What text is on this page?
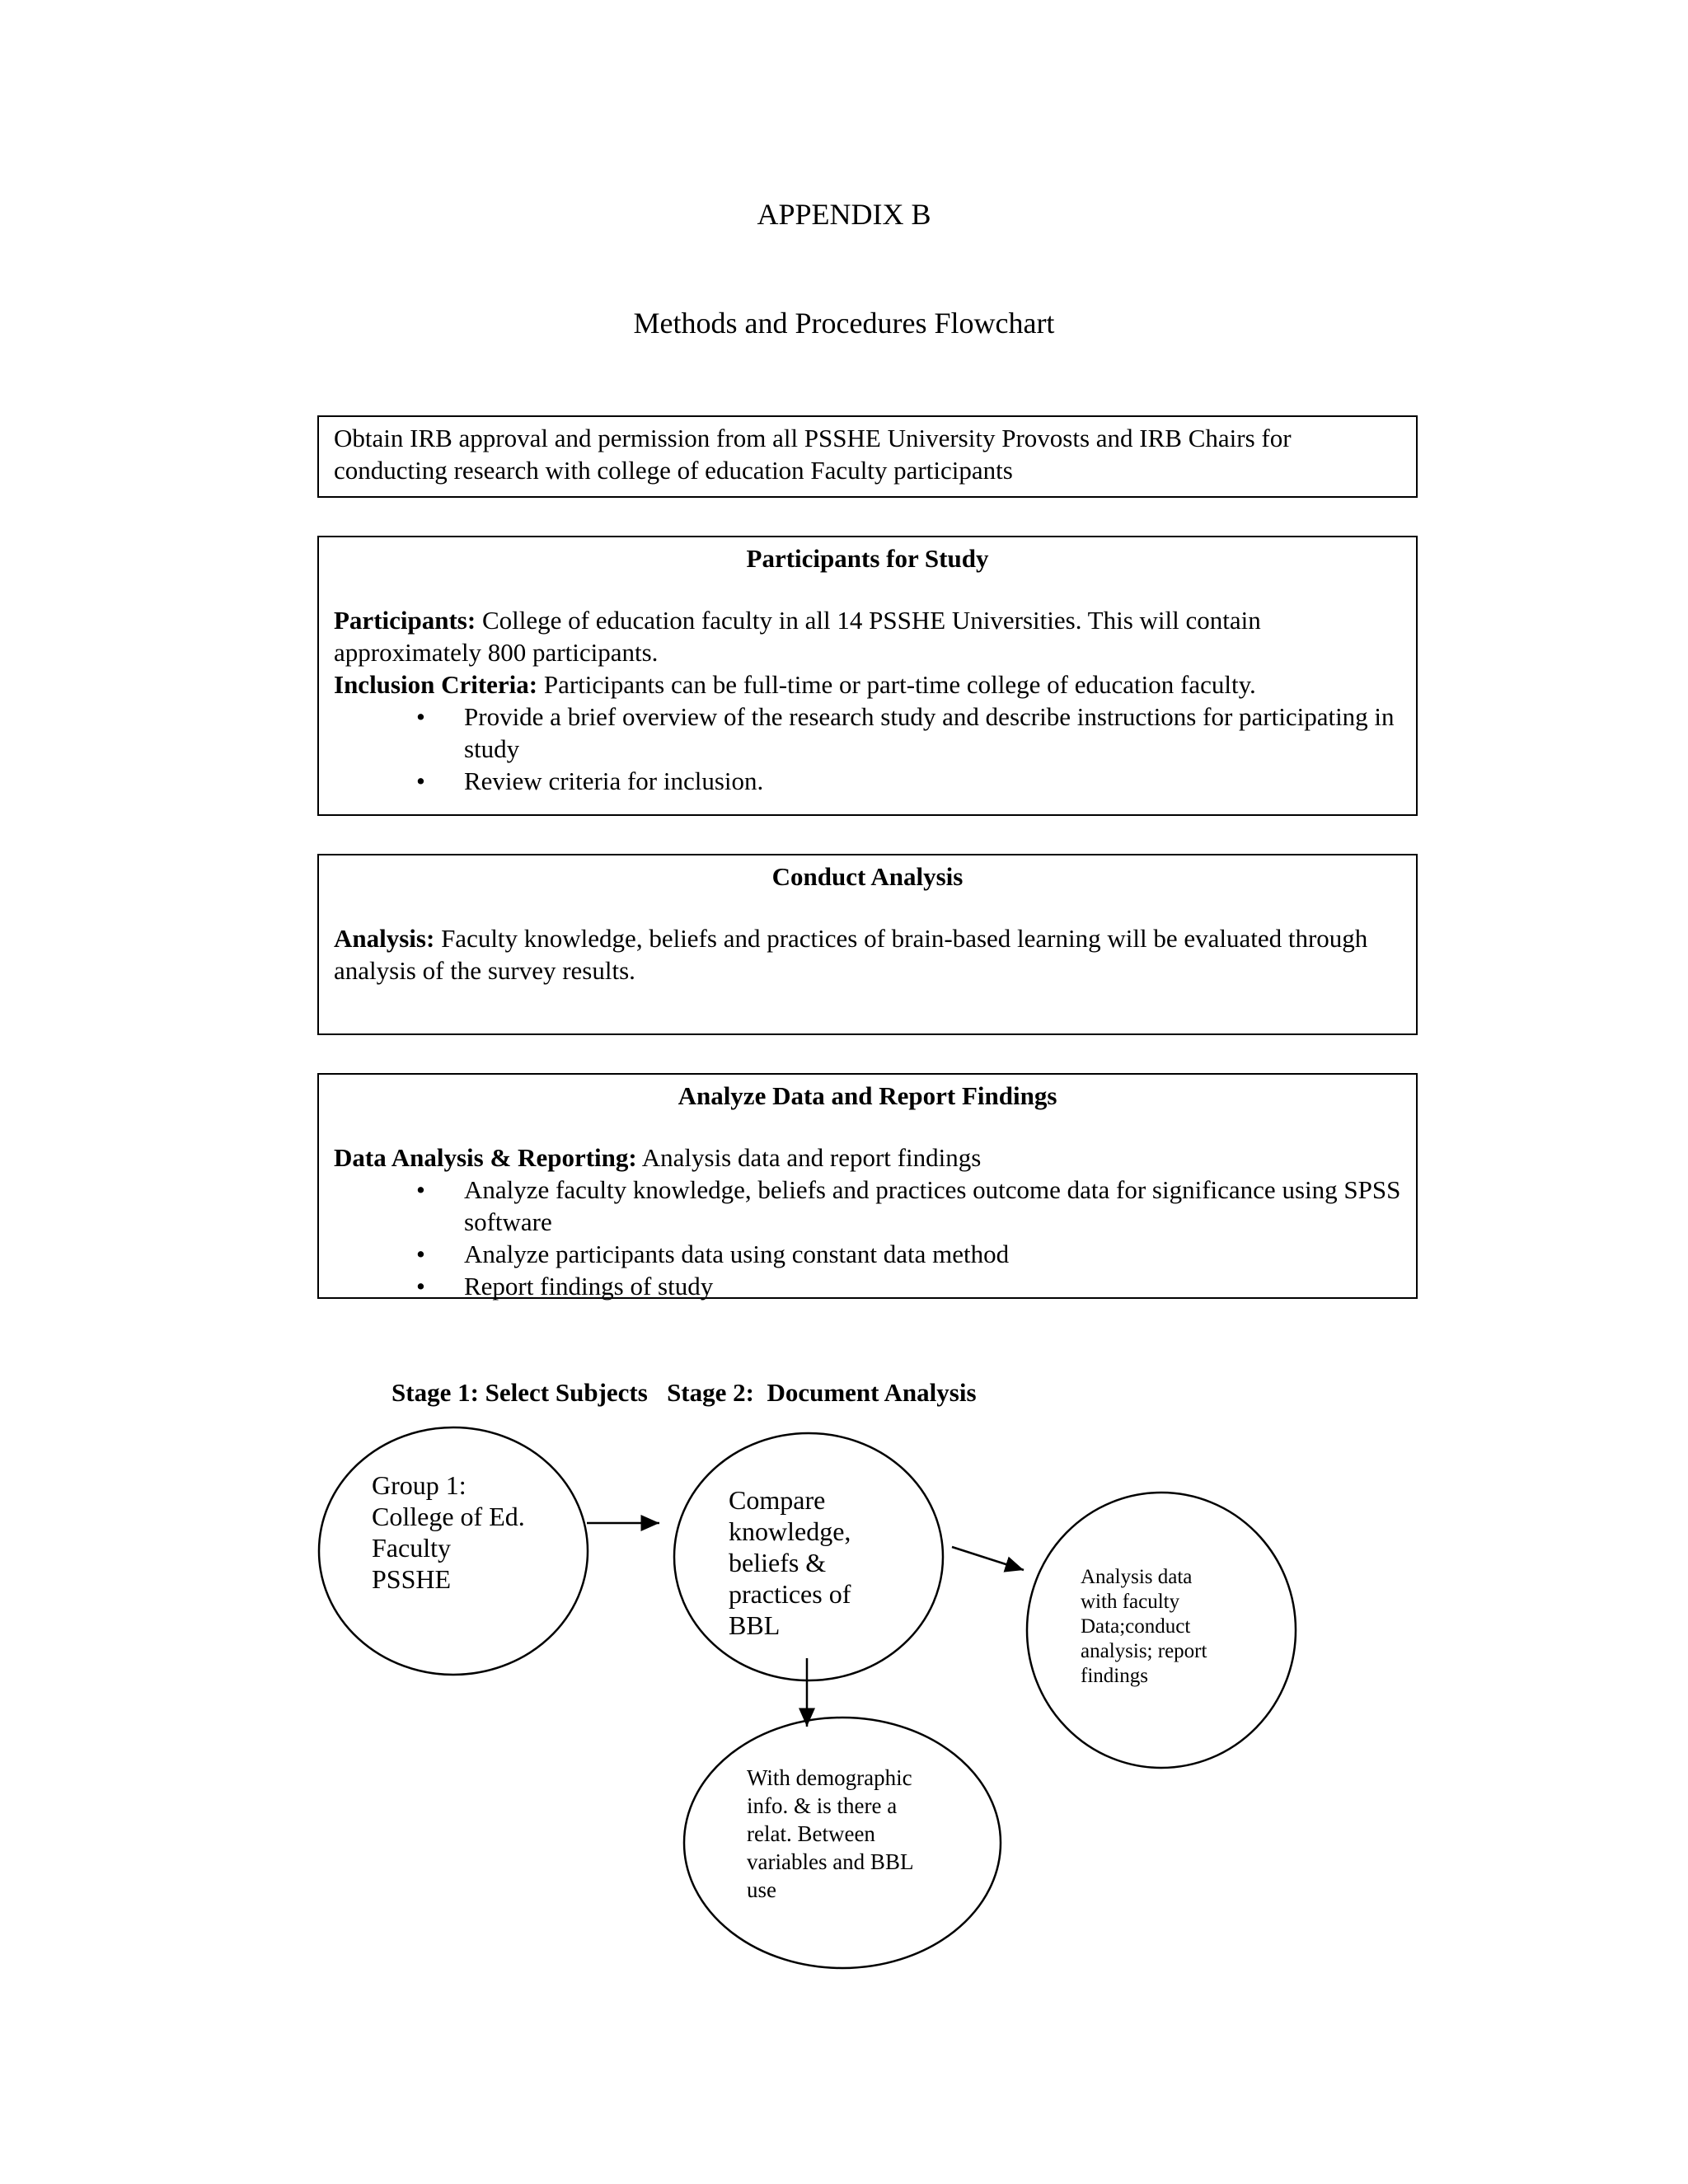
APPENDIX B
Methods and Procedures Flowchart

Obtain IRB approval and permission from all PSSHE University Provosts and IRB Chairs for conducting research with college of education Faculty participants

Participants for Study

Participants: College of education faculty in all 14 PSSHE Universities. This will contain approximately 800 participants.

Inclusion Criteria: Participants can be full-time or part-time college of education faculty.

• Provide a brief overview of the research study and describe instructions for participating in study
• Review criteria for inclusion.
Conduct Analysis

Analysis: Faculty knowledge, beliefs and practices of brain-based learning will be evaluated through analysis of the survey results.

Analyze Data and Report Findings

Data Analysis & Reporting: Analysis data and report findings

• Analyze faculty knowledge, beliefs and practices outcome data for significance using SPSS software
• Analyze participants data using constant data method
• Report findings of study
Stage 1: Select Subjects Stage 2:  Document Analysis
Group 1:
College of Ed.
Faculty
PSSHE
Compare
knowledge,
beliefs &
practices of
BBL
Analysis data
with faculty
Data;conduct
analysis; report
findings
With demographic
info. & is there a
relat. Between
variables and BBL
use
